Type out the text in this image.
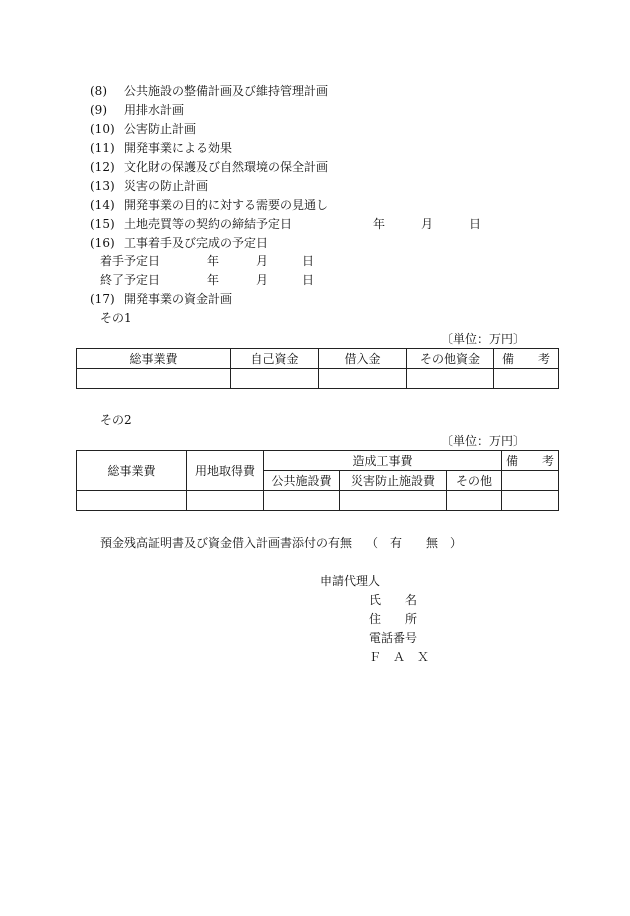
(8) 公共施設の整備計画及び維持管理計画
(9) 用排水計画
(10) 公害防止計画
(11) 開発事業による効果
(12) 文化財の保護及び自然環境の保全計画
(13) 災害の防止計画
(14) 開発事業の目的に対する需要の見通し
(15) 土地売買等の契約の締結予定日	年	月	日
(16) 工事着手及び完成の予定日
着手予定日	年	月	日
終了予定日	年	月	日
(17) 開発事業の資金計画
その1
〔単位：万円〕
総事業費	自己資金	借入金	その他資金	備　　考

その2
〔単位：万円〕
総事業費	用地取得費	造成工事費			備　　考
		公共施設費	災害防止施設費	その他	

預金残高証明書及び資金借入計画書添付の有無 （　有　　無　）
申請代理人
氏　　名
住　　所
電話番号
Ｆ　Ａ　Ｘ
